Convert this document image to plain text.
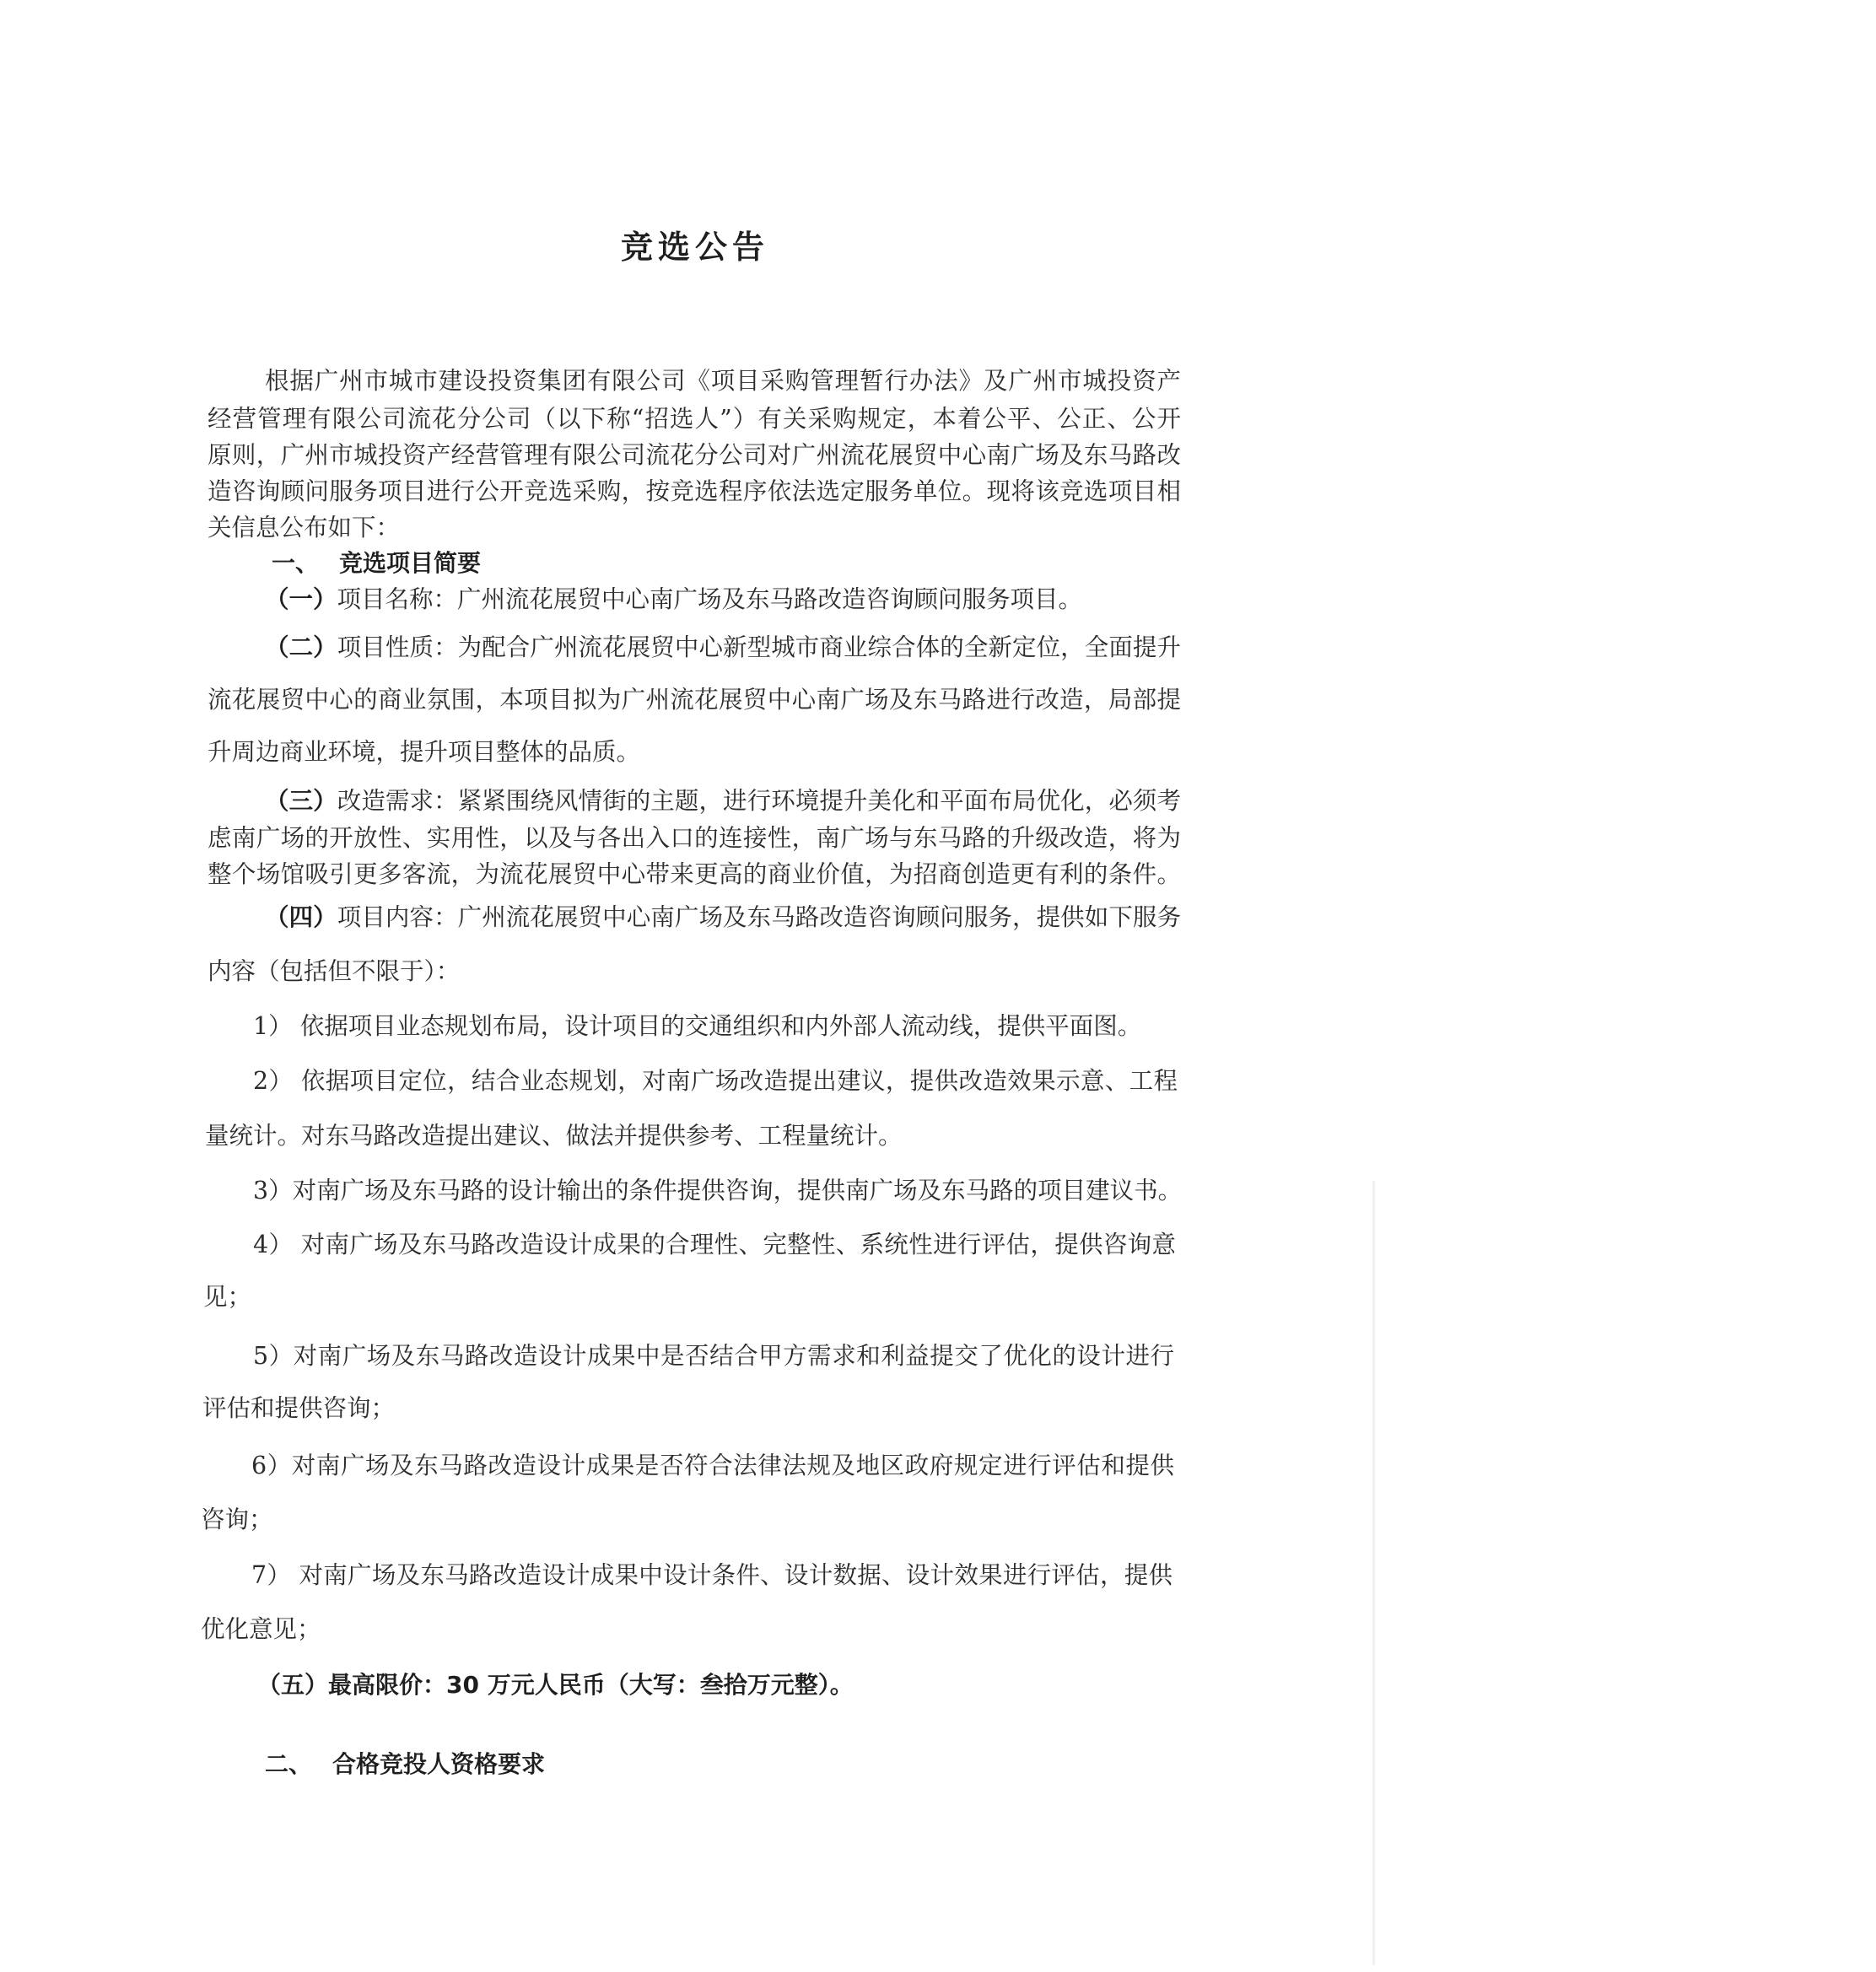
竞选公告
根据广州市城市建设投资集团有限公司《项目采购管理暂行办法》及广州市城投资产
经营管理有限公司流花分公司（以下称“招选人”）有关采购规定，本着公平、公正、公开
原则，广州市城投资产经营管理有限公司流花分公司对广州流花展贸中心南广场及东马路改
造咨询顾问服务项目进行公开竞选采购，按竞选程序依法选定服务单位。现将该竞选项目相
关信息公布如下：
一、 竞选项目简要
（一）项目名称：广州流花展贸中心南广场及东马路改造咨询顾问服务项目。
（二）项目性质：为配合广州流花展贸中心新型城市商业综合体的全新定位，全面提升
流花展贸中心的商业氛围，本项目拟为广州流花展贸中心南广场及东马路进行改造，局部提
升周边商业环境，提升项目整体的品质。
（三）改造需求：紧紧围绕风情街的主题，进行环境提升美化和平面布局优化，必须考
虑南广场的开放性、实用性，以及与各出入口的连接性，南广场与东马路的升级改造，将为
整个场馆吸引更多客流，为流花展贸中心带来更高的商业价值，为招商创造更有利的条件。
（四）项目内容：广州流花展贸中心南广场及东马路改造咨询顾问服务，提供如下服务
内容（包括但不限于）：
1） 依据项目业态规划布局，设计项目的交通组织和内外部人流动线，提供平面图。
2） 依据项目定位，结合业态规划，对南广场改造提出建议，提供改造效果示意、工程
量统计。对东马路改造提出建议、做法并提供参考、工程量统计。
3）对南广场及东马路的设计输出的条件提供咨询，提供南广场及东马路的项目建议书。
4） 对南广场及东马路改造设计成果的合理性、完整性、系统性进行评估，提供咨询意
见；
5）对南广场及东马路改造设计成果中是否结合甲方需求和利益提交了优化的设计进行
评估和提供咨询；
6）对南广场及东马路改造设计成果是否符合法律法规及地区政府规定进行评估和提供
咨询；
7） 对南广场及东马路改造设计成果中设计条件、设计数据、设计效果进行评估，提供
优化意见；
（五）最高限价：30 万元人民币（大写：叁拾万元整）。
二、 合格竞投人资格要求
